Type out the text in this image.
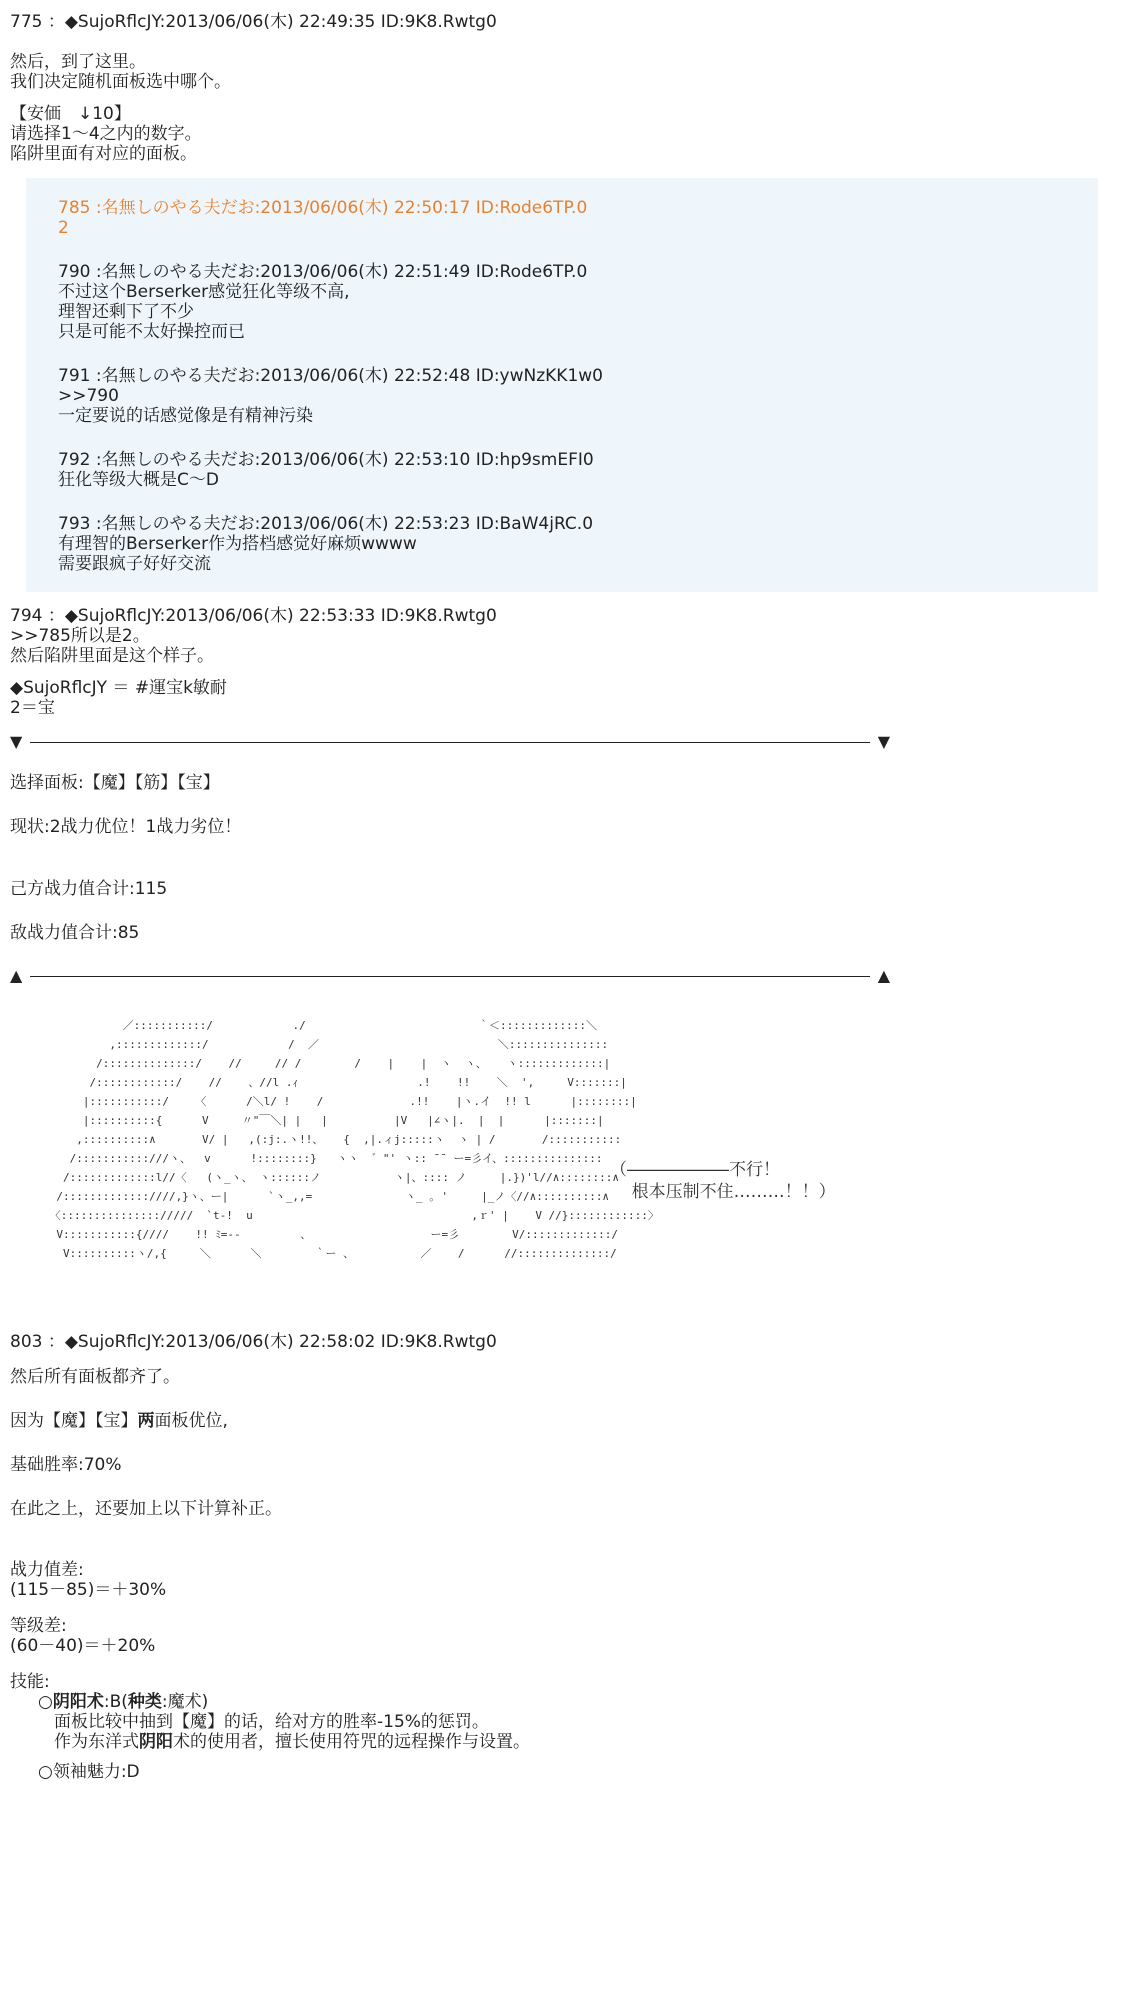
775 ：◆SujoRflcJY:2013/06/06(木) 22:49:35 ID:9K8.Rwtg0
然后，到了这里。
我们决定随机面板选中哪个。
【安価　↓10】
请选择1～4之内的数字。
陷阱里面有对应的面板。
785 :名無しのやる夫だお:2013/06/06(木) 22:50:17 ID:Rode6TP.0
2
790 :名無しのやる夫だお:2013/06/06(木) 22:51:49 ID:Rode6TP.0
不过这个Berserker感觉狂化等级不高,
理智还剩下了不少
只是可能不太好操控而已
791 :名無しのやる夫だお:2013/06/06(木) 22:52:48 ID:ywNzKK1w0
>>790
一定要说的话感觉像是有精神污染
792 :名無しのやる夫だお:2013/06/06(木) 22:53:10 ID:hp9smEFI0
狂化等级大概是C～D
793 :名無しのやる夫だお:2013/06/06(木) 22:53:23 ID:BaW4jRC.0
有理智的Berserker作为搭档感觉好麻烦wwww
需要跟疯子好好交流
794 ：◆SujoRflcJY:2013/06/06(木) 22:53:33 ID:9K8.Rwtg0
>>785所以是2。
然后陷阱里面是这个样子。
◆SujoRflcJY ＝ #運宝k敏耐
2＝宝
▼	▼
选择面板:【魔】【筋】【宝】
现状:2战力优位！1战力劣位！
己方战力值合计:115
敌战力值合计:85
▲	▲
／:::::::::::/            ./                          ｀＜:::::::::::::＼
,:::::::::::::/            /  ／                           ＼:::::::::::::::
/::::::::::::::/    //     // /        /    |    |  ヽ  ヽ、   ヽ:::::::::::::|
/::::::::::::/    //    、//l .ｨ                  .!    !!    ＼  ',     V:::::::|
|:::::::::::/    〈      /＼l/ !    /             .!!    |ヽ.イ  !! l      |::::::::|
|::::::::::{      V     〃"￣＼| |   |          |V   |∠ヽ|.  |  |      |:::::::|
,::::::::::∧       V/ |   ,(:j:.ヽ!!、   {  ,|.ィj:::::ヽ  ヽ | /       /:::::::::::
/:::::::::::///ヽ、  v      !::::::::}   ヽヽ  ゛"' ヽ:: ̄ ̄  ー=彡イ、:::::::::::::::
/:::::::::::::l//〈   (ヽ_ヽ、 ヽ::::::ノ           ヽ|、:::: ノ     |.})'l//∧::::::::∧
/:::::::::::::////,}ヽ、ー|      `ヽ_,,=              ヽ_ ｡ '     |_ノ〈//∧::::::::::∧
〈::::::::::::::://///  `t-!  u                                 ,ｒ' |    V //}::::::::::::〉
V:::::::::::{////    !! ﾐ=--         、                  ー=彡        V/:::::::::::::/
V::::::::::ヽ/,{     ＼      ＼        ｀ー 、          ／    /      //::::::::::::::/

（――――――不行！
根本压制不住………！！）
803 ：◆SujoRflcJY:2013/06/06(木) 22:58:02 ID:9K8.Rwtg0
然后所有面板都齐了。
因为【魔】【宝】两面板优位,
基础胜率:70%
在此之上，还要加上以下计算补正。
战力值差:
(115－85)＝＋30%
等级差:
(60－40)＝＋20%
技能:
○阴阳术:B(种类:魔术)
面板比较中抽到【魔】的话，给对方的胜率-15%的惩罚。
作为东洋式阴阳术的使用者，擅长使用符咒的远程操作与设置。
○领袖魅力:D
